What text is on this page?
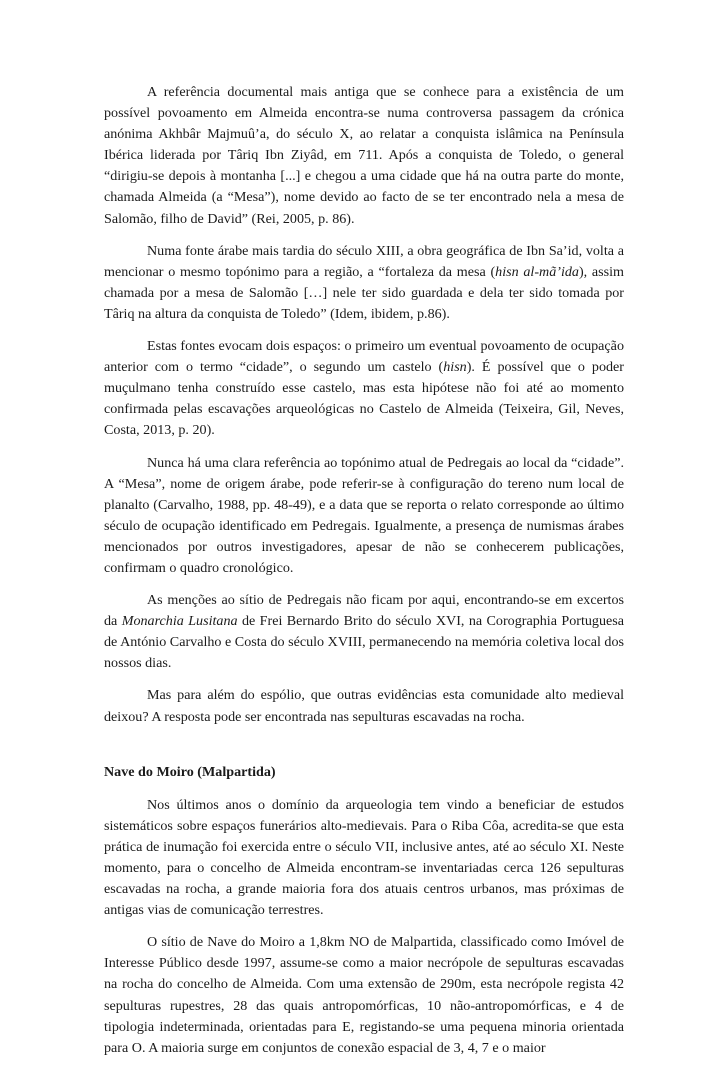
A referência documental mais antiga que se conhece para a existência de um possível povoamento em Almeida encontra-se numa controversa passagem da crónica anónima Akhbâr Majmuû’a, do século X, ao relatar a conquista islâmica na Península Ibérica liderada por Târiq Ibn Ziyâd, em 711. Após a conquista de Toledo, o general “dirigiu-se depois à montanha [...] e chegou a uma cidade que há na outra parte do monte, chamada Almeida (a “Mesa”), nome devido ao facto de se ter encontrado nela a mesa de Salomão, filho de David” (Rei, 2005, p. 86).

Numa fonte árabe mais tardia do século XIII, a obra geográfica de Ibn Sa’id, volta a mencionar o mesmo topónimo para a região, a “fortaleza da mesa (hisn al-mã’ida), assim chamada por a mesa de Salomão […] nele ter sido guardada e dela ter sido tomada por Târiq na altura da conquista de Toledo” (Idem, ibidem, p.86).

Estas fontes evocam dois espaços: o primeiro um eventual povoamento de ocupação anterior com o termo “cidade”, o segundo um castelo (hisn). É possível que o poder muçulmano tenha construído esse castelo, mas esta hipótese não foi até ao momento confirmada pelas escavações arqueológicas no Castelo de Almeida (Teixeira, Gil, Neves, Costa, 2013, p. 20).

Nunca há uma clara referência ao topónimo atual de Pedregais ao local da “cidade”. A “Mesa”, nome de origem árabe, pode referir-se à configuração do tereno num local de planalto (Carvalho, 1988, pp. 48-49), e a data que se reporta o relato corresponde ao último século de ocupação identificado em Pedregais. Igualmente, a presença de numismas árabes mencionados por outros investigadores, apesar de não se conhecerem publicações, confirmam o quadro cronológico.

As menções ao sítio de Pedregais não ficam por aqui, encontrando-se em excertos da Monarchia Lusitana de Frei Bernardo Brito do século XVI, na Corographia Portuguesa de António Carvalho e Costa do século XVIII, permanecendo na memória coletiva local dos nossos dias.

Mas para além do espólio, que outras evidências esta comunidade alto medieval deixou? A resposta pode ser encontrada nas sepulturas escavadas na rocha.

Nave do Moiro (Malpartida)

Nos últimos anos o domínio da arqueologia tem vindo a beneficiar de estudos sistemáticos sobre espaços funerários alto-medievais. Para o Riba Côa, acredita-se que esta prática de inumação foi exercida entre o século VII, inclusive antes, até ao século XI. Neste momento, para o concelho de Almeida encontram-se inventariadas cerca 126 sepulturas escavadas na rocha, a grande maioria fora dos atuais centros urbanos, mas próximas de antigas vias de comunicação terrestres.

O sítio de Nave do Moiro a 1,8km NO de Malpartida, classificado como Imóvel de Interesse Público desde 1997, assume-se como a maior necrópole de sepulturas escavadas na rocha do concelho de Almeida. Com uma extensão de 290m, esta necrópole regista 42 sepulturas rupestres, 28 das quais antropomórficas, 10 não-antropomórficas, e 4 de tipologia indeterminada, orientadas para E, registando-se uma pequena minoria orientada para O. A maioria surge em conjuntos de conexão espacial de 3, 4, 7 e o maior
